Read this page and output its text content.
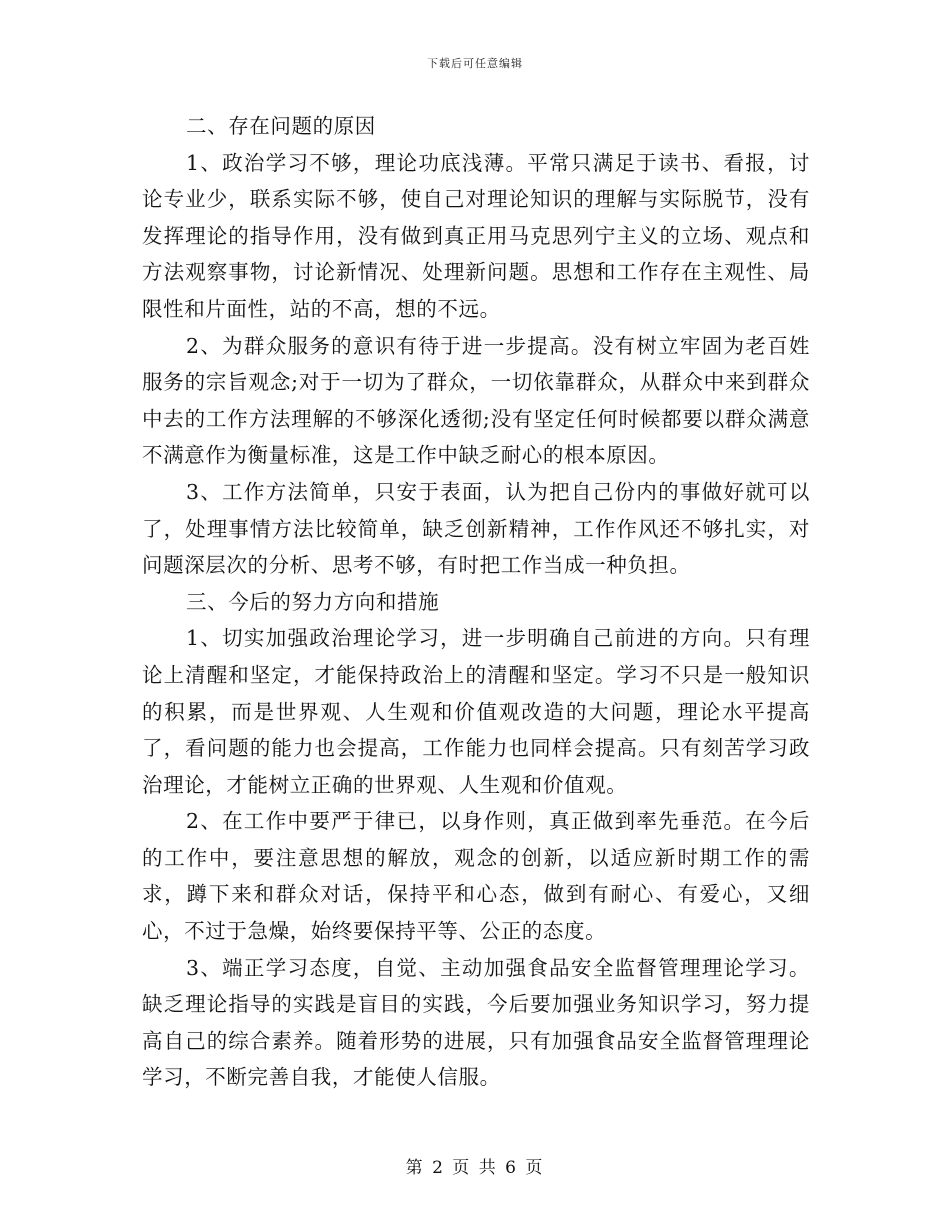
下载后可任意编辑

二、存在问题的原因

1、政治学习不够，理论功底浅薄。平常只满足于读书、看报，讨论专业少，联系实际不够，使自己对理论知识的理解与实际脱节，没有发挥理论的指导作用，没有做到真正用马克思列宁主义的立场、观点和方法观察事物，讨论新情况、处理新问题。思想和工作存在主观性、局限性和片面性，站的不高，想的不远。

2、为群众服务的意识有待于进一步提高。没有树立牢固为老百姓服务的宗旨观念;对于一切为了群众，一切依靠群众，从群众中来到群众中去的工作方法理解的不够深化透彻;没有坚定任何时候都要以群众满意不满意作为衡量标准，这是工作中缺乏耐心的根本原因。

3、工作方法简单，只安于表面，认为把自己份内的事做好就可以了，处理事情方法比较简单，缺乏创新精神，工作作风还不够扎实，对问题深层次的分析、思考不够，有时把工作当成一种负担。

三、今后的努力方向和措施

1、切实加强政治理论学习，进一步明确自己前进的方向。只有理论上清醒和坚定，才能保持政治上的清醒和坚定。学习不只是一般知识的积累，而是世界观、人生观和价值观改造的大问题，理论水平提高了，看问题的能力也会提高，工作能力也同样会提高。只有刻苦学习政治理论，才能树立正确的世界观、人生观和价值观。

2、在工作中要严于律已，以身作则，真正做到率先垂范。在今后的工作中，要注意思想的解放，观念的创新，以适应新时期工作的需求，蹲下来和群众对话，保持平和心态，做到有耐心、有爱心，又细心，不过于急燥，始终要保持平等、公正的态度。

3、端正学习态度，自觉、主动加强食品安全监督管理理论学习。缺乏理论指导的实践是盲目的实践，今后要加强业务知识学习，努力提高自己的综合素养。随着形势的进展，只有加强食品安全监督管理理论学习，不断完善自我，才能使人信服。

第 2 页 共 6 页
